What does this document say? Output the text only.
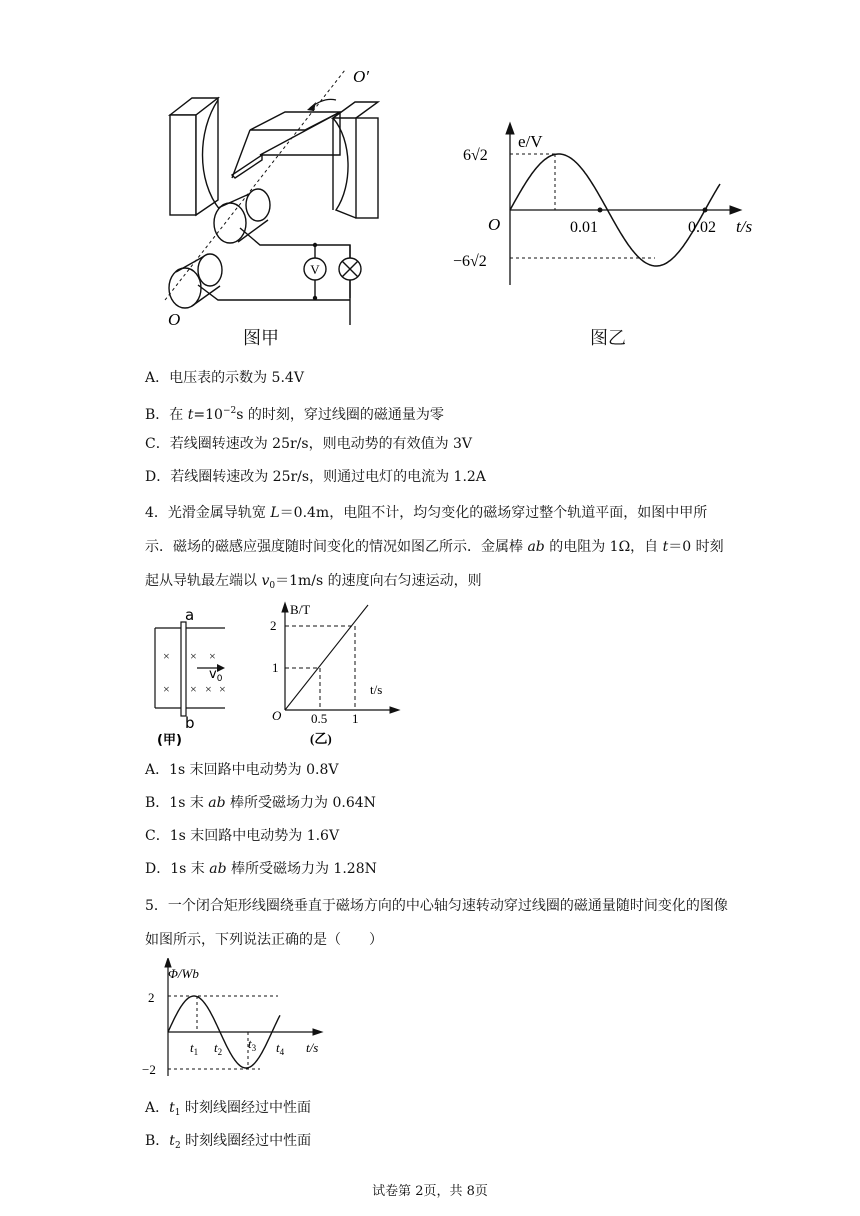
V
O′
O
图甲
e/V
6√2
O	0.01	0.02 t/s
−6√2
图乙
A．电压表的示数为 5.4V
B．在 $t=10^{-2}s$ 的时刻，穿过线圈的磁通量为零
C．若线圈转速改为 25r/s，则电动势的有效值为 3V
D．若线圈转速改为 25r/s，则通过电灯的电流为 1.2A
4．光滑金属导轨宽 L＝0.4m，电阻不计，均匀变化的磁场穿过整个轨道平面，如图中甲所示．磁场的磁感应强度随时间变化的情况如图乙所示．金属棒 ab 的电阻为 1Ω，自 t＝0 时刻起从导轨最左端以 $v_0=1m/s$ 的速度向右匀速运动，则
×
×
× ×
× × ×
a
b
$v_0$
(甲)
B/T
2
1
O 0.5 1
t/s
(乙)
A．1s 末回路中电动势为 0.8V
B．1s 末 ab 棒所受磁场力为 0.64N
C．1s 末回路中电动势为 1.6V
D．1s 末 ab 棒所受磁场力为 1.28N
5．一个闭合矩形线圈绕垂直于磁场方向的中心轴匀速转动穿过线圈的磁通量随时间变化的图像如图所示，下列说法正确的是（　　）
Φ/Wb
2
−2
t/s
$t_1$ $t_2$
$t_3$ $t_4$
A．$t_1$ 时刻线圈经过中性面
B．$t_2$ 时刻线圈经过中性面
试卷第 2页，共 8页
